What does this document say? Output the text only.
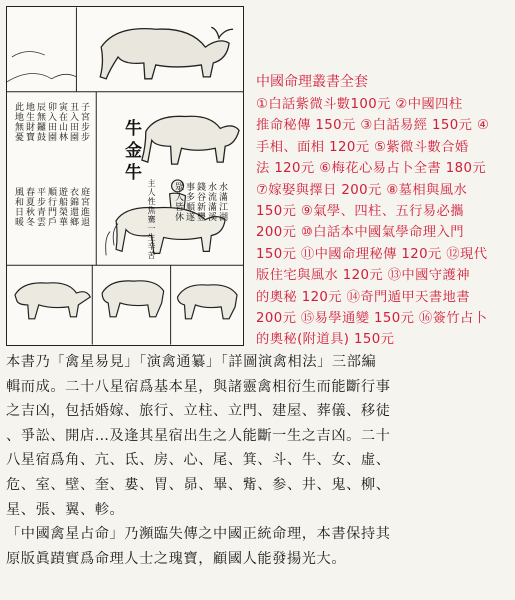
牛金牛
主人性焦騫一生辛苦	水滿江湖
水流滿溪
錢谷新豐
事多順遂
子宮步步
丑入田園
寅在山林
卯入田園
辰無鑼鼓
庭宮進退
衣錦還鄉
遊船榮華
順行門戶
平步青雲
春夏秋冬
風和日暖
地生財寶
此地無憂
眾人皆休
中國命理叢書全套
①白話紫微斗數100元 ②中國四柱
推命秘傳 150元 ③白話易經 150元 ④
手相、面相 120元 ⑤紫微斗數合婚
法 120元 ⑥梅花心易占卜全書 180元
⑦嫁娶與擇日 200元 ⑧墓相與風水
150元 ⑨氣學、四柱、五行易必攜
200元 ⑩白話本中國氣學命理入門
150元 ⑪中國命理秘傳 120元 ⑫現代
版住宅與風水 120元 ⑬中國守護神
的奧秘 120元 ⑭奇門遁甲天書地書
200元 ⑮易學通變 150元 ⑯簽竹占卜
的奧秘(附道具) 150元
本書乃「禽星易見」「演禽通纂」「詳圖演禽相法」三部編
輯而成。二十八星宿爲基本星，與諸靈禽相衍生而能斷行事
之吉凶，包括婚嫁、旅行、立柱、立門、建屋、葬儀、移徒
、爭訟、開店…及逢其星宿出生之人能斷一生之吉凶。二十
八星宿爲角、亢、氐、房、心、尾、箕、斗、牛、女、虛、
危、室、壁、奎、婁、胃、昴、畢、觜、参、井、鬼、柳、
星、張、翼、軫。
「中國禽星占命」乃瀕臨失傳之中國正統命理，本書保持其
原版眞蹟實爲命理人士之瑰寶，顧國人能發揚光大。
